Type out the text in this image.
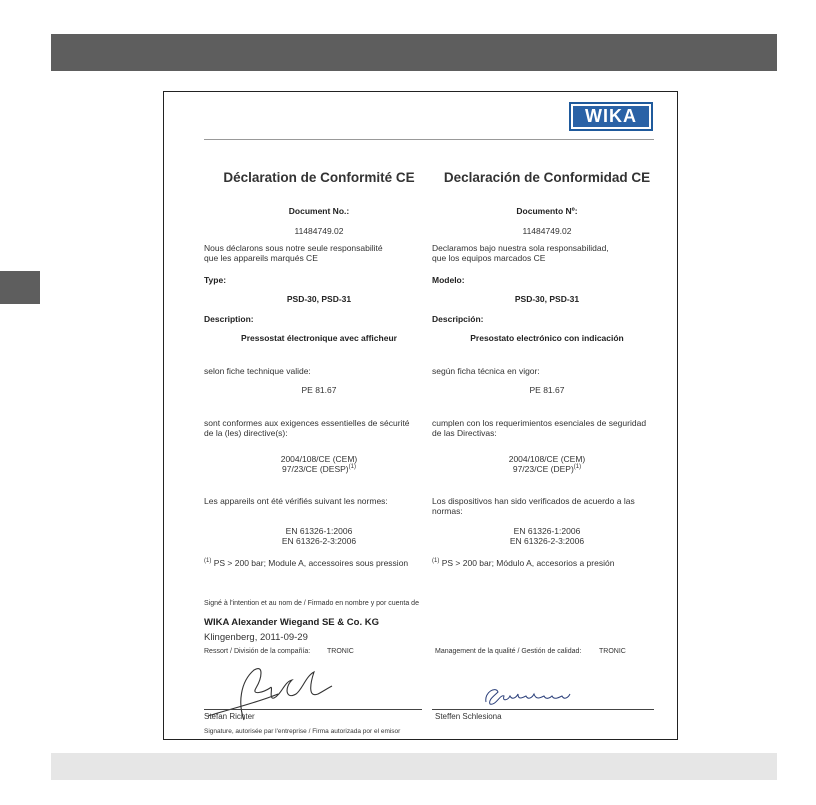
WIKA
Déclaration de Conformité CE
Document No.:
11484749.02
Nous déclarons sous notre seule responsabilité
que les appareils marqués CE
Type:
PSD-30, PSD-31
Description:
Pressostat électronique avec afficheur
selon fiche technique valide:
PE 81.67
sont conformes aux exigences essentielles de sécurité
de la (les) directive(s):
2004/108/CE (CEM)
97/23/CE (DESP)$^{(1)}$
Les appareils ont été vérifiés suivant les normes:
EN 61326-1:2006
EN 61326-2-3:2006
$^{(1)}$ PS > 200 bar; Module A, accessoires sous pression
Declaración de Conformidad CE
Documento Nº:
11484749.02
Declaramos bajo nuestra sola responsabilidad,
que los equipos marcados CE
Modelo:
PSD-30, PSD-31
Descripción:
Presostato electrónico con indicación
según ficha técnica en vigor:
PE 81.67
cumplen con los requerimientos esenciales de seguridad
de las Directivas:
2004/108/CE (CEM)
97/23/CE (DEP)$^{(1)}$
Los dispositivos han sido verificados de acuerdo a las
normas:
EN 61326-1:2006
EN 61326-2-3:2006
$^{(1)}$ PS > 200 bar; Módulo A, accesorios a presión
Signé à l'intention et au nom de / Firmado en nombre y por cuenta de
WIKA Alexander Wiegand SE & Co. KG
Klingenberg, 2011-09-29
Ressort / División de la compañía: TRONIC	Management de la qualité / Gestión de calidad:	TRONIC
Stefan Richter	Steffen Schlesiona
Signature, autorisée par l'entreprise / Firma autorizada por el emisor
